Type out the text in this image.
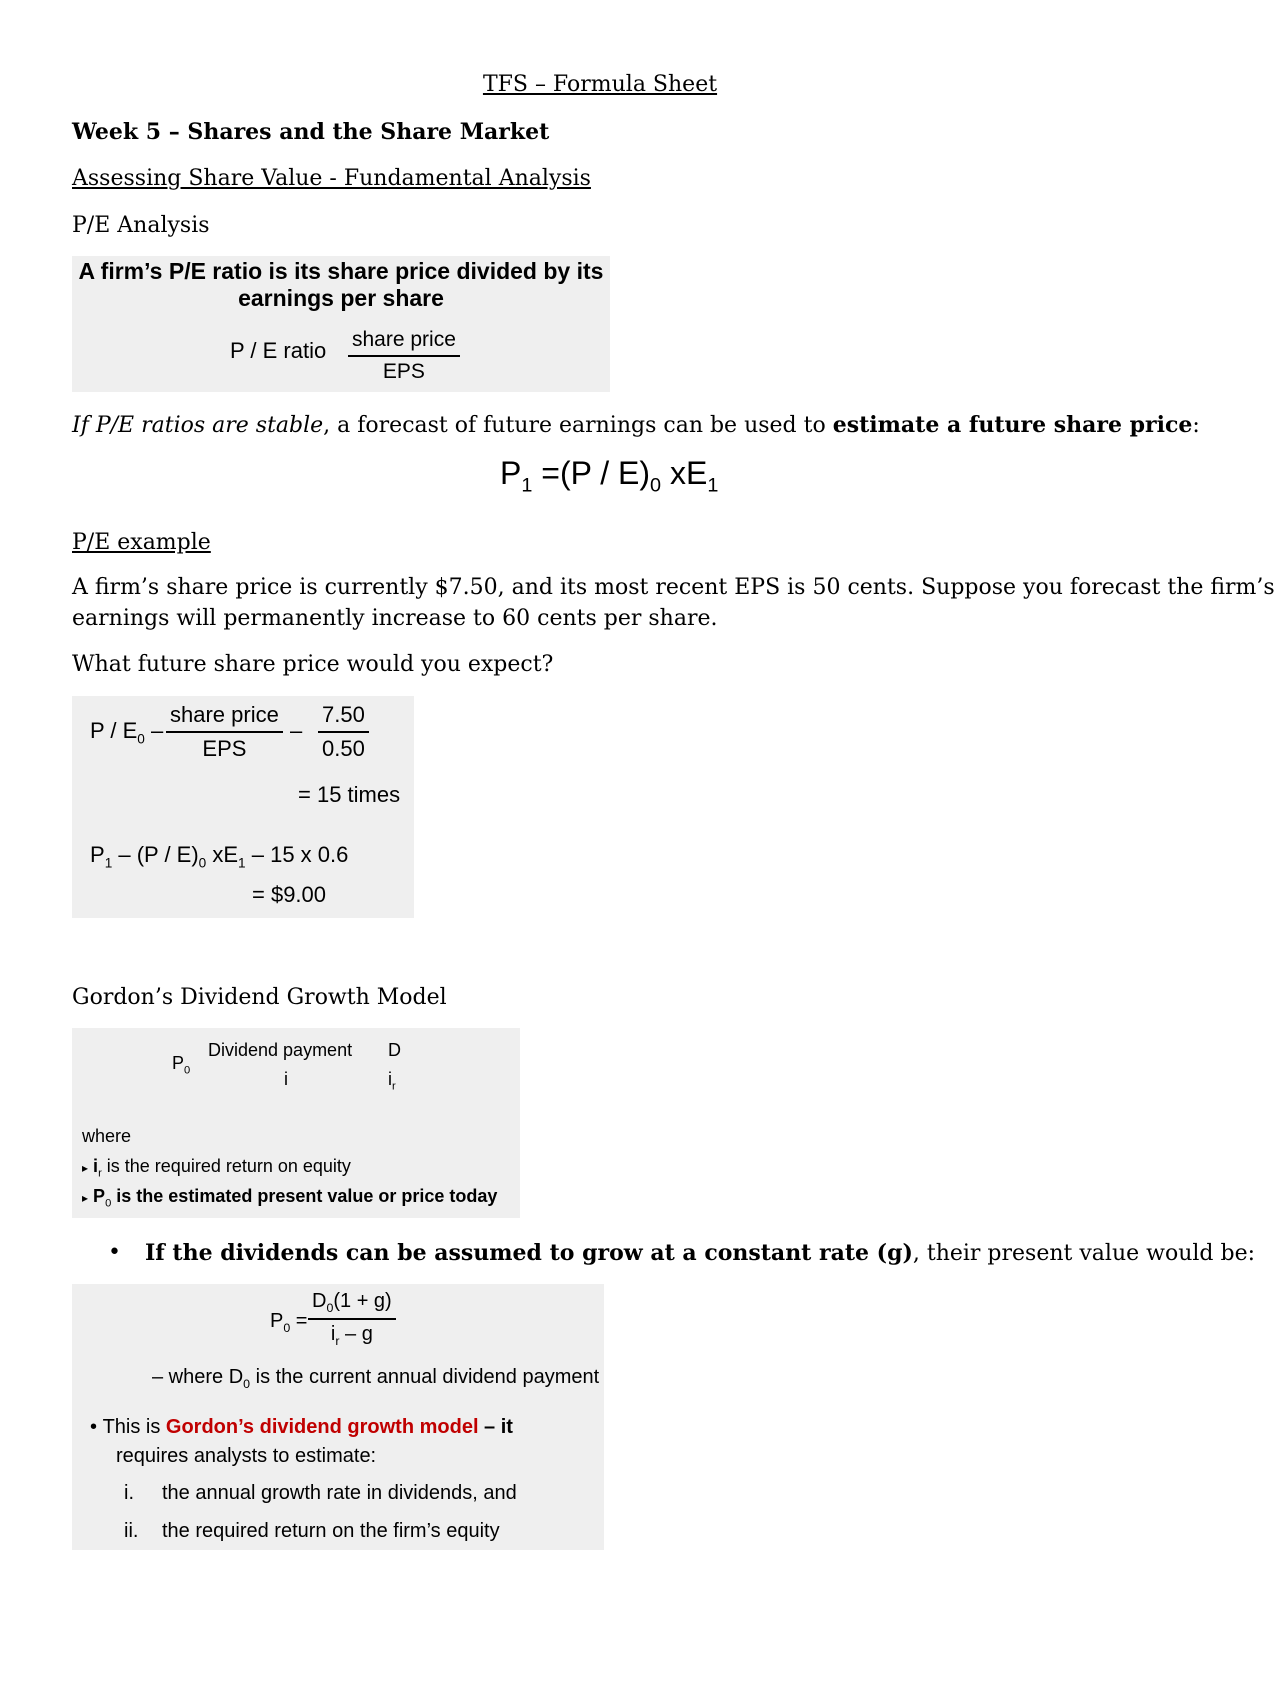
TFS – Formula Sheet
Week 5 – Shares and the Share Market
Assessing Share Value - Fundamental Analysis
P/E Analysis
A firm’s P/E ratio is its share price divided by its
earnings per share
P / E ratio share price
EPS
If P/E ratios are stable, a forecast of future earnings can be used to estimate a future share price:
$P_1 =(P / E)_0$ $xE_1$
P/E example
A firm’s share price is currently $7.50, and its most recent EPS is 50 cents. Suppose you forecast the firm’s
earnings will permanently increase to 60 cents per share.
What future share price would you expect?
P / $E_0$ –
share price
EPS
– $\frac{7.50}{0.50}$
= 15 times
$P_1 - (P / E)_0$ $xE_1 - 15$ x 0.6
= $9.00
Gordon’s Dividend Growth Model
$P_0$
Dividend payment
i
D
$i_r$
where
▸ $i_r$ is the required return on equity
▸ $P_0$ is the estimated present value or price today
• If the dividends can be assumed to grow at a constant rate (g), their present value would be:
$P_0 = \frac{D_0(1 + g)}{i_r - g}$
– where $D_0$ is the current annual dividend payment
• This is Gordon’s dividend growth model – it
requires analysts to estimate:
i. the annual growth rate in dividends, and
ii. the required return on the firm’s equity
